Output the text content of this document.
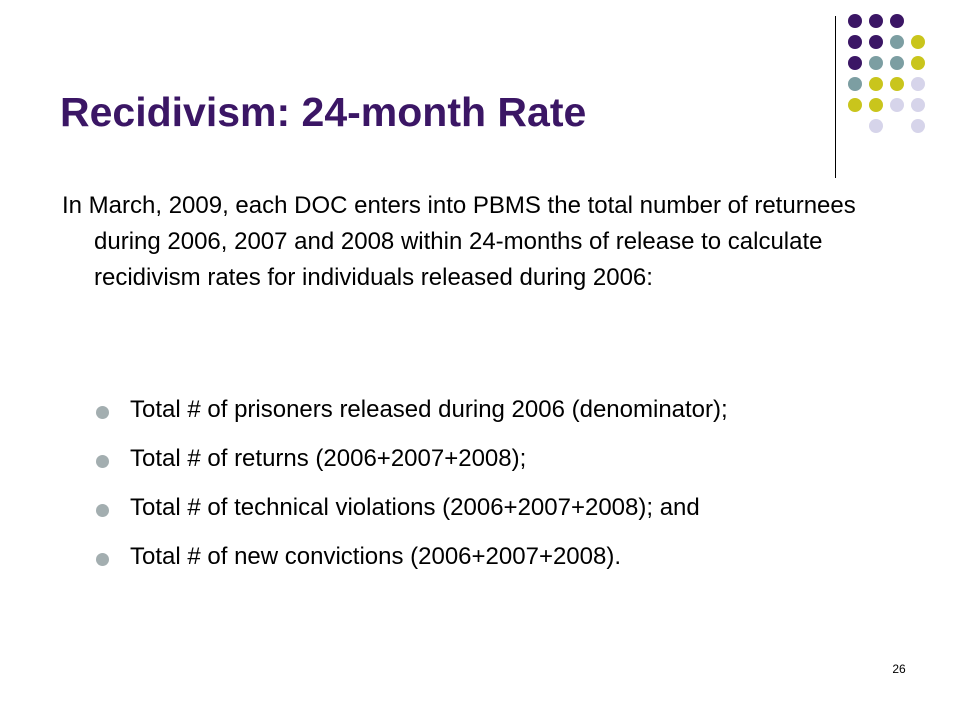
Recidivism: 24-month Rate

In March, 2009, each DOC enters into PBMS the total number of returnees during 2006, 2007 and 2008 within 24-months of release to calculate recidivism rates for individuals released during 2006:

Total # of prisoners released during 2006 (denominator);
Total # of returns (2006+2007+2008);
Total # of technical violations (2006+2007+2008); and
Total # of new convictions (2006+2007+2008).
26
